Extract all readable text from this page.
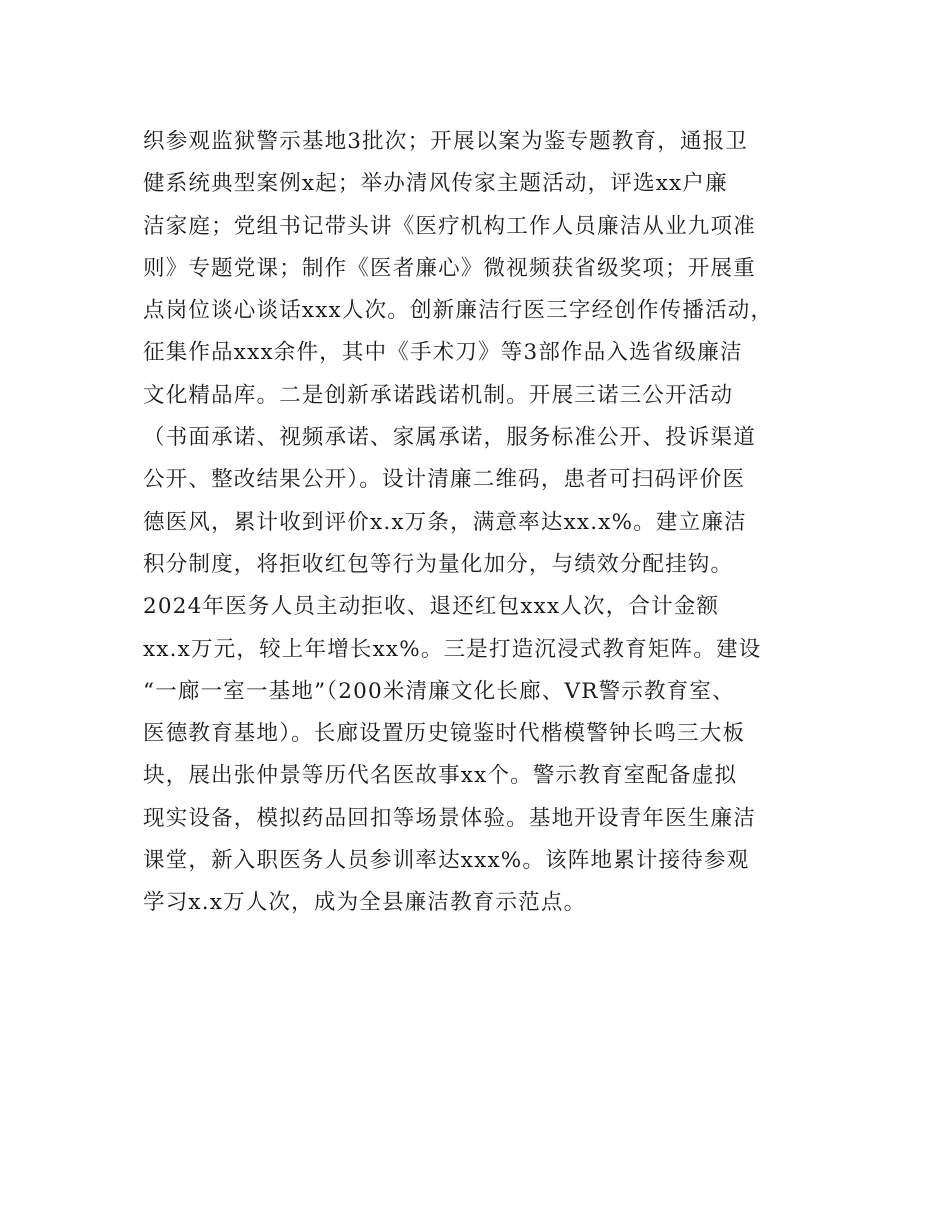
织参观监狱警示基地3批次；开展以案为鉴专题教育，通报卫
健系统典型案例x起；举办清风传家主题活动，评选xx户廉
洁家庭；党组书记带头讲《医疗机构工作人员廉洁从业九项准
则》专题党课；制作《医者廉心》微视频获省级奖项；开展重
点岗位谈心谈话xxx人次。创新廉洁行医三字经创作传播活动，
征集作品xxx余件，其中《手术刀》等3部作品入选省级廉洁
文化精品库。二是创新承诺践诺机制。开展三诺三公开活动
（书面承诺、视频承诺、家属承诺，服务标准公开、投诉渠道
公开、整改结果公开）。设计清廉二维码，患者可扫码评价医
德医风，累计收到评价x.x万条，满意率达xx.x%。建立廉洁
积分制度，将拒收红包等行为量化加分，与绩效分配挂钩。
2024年医务人员主动拒收、退还红包xxx人次，合计金额
xx.x万元，较上年增长xx%。三是打造沉浸式教育矩阵。建设
“一廊一室一基地”（200米清廉文化长廊、VR警示教育室、
医德教育基地）。长廊设置历史镜鉴时代楷模警钟长鸣三大板
块，展出张仲景等历代名医故事xx个。警示教育室配备虚拟
现实设备，模拟药品回扣等场景体验。基地开设青年医生廉洁
课堂，新入职医务人员参训率达xxx%。该阵地累计接待参观
学习x.x万人次，成为全县廉洁教育示范点。
